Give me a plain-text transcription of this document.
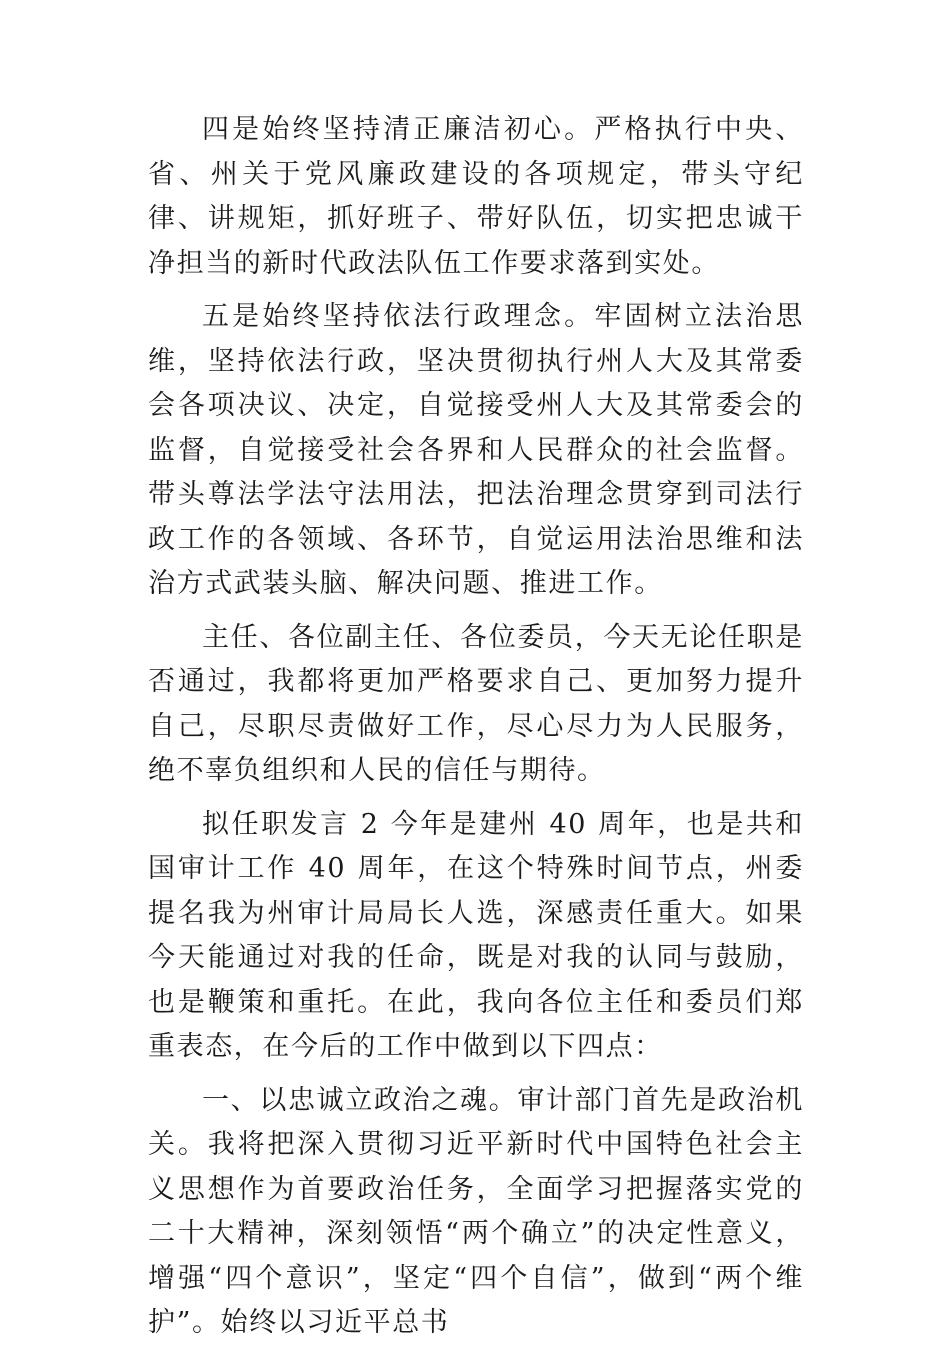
四是始终坚持清正廉洁初心。严格执行中央、省、州关于党风廉政建设的各项规定，带头守纪律、讲规矩，抓好班子、带好队伍，切实把忠诚干净担当的新时代政法队伍工作要求落到实处。

五是始终坚持依法行政理念。牢固树立法治思维，坚持依法行政，坚决贯彻执行州人大及其常委会各项决议、决定，自觉接受州人大及其常委会的监督，自觉接受社会各界和人民群众的社会监督。带头尊法学法守法用法，把法治理念贯穿到司法行政工作的各领域、各环节，自觉运用法治思维和法治方式武装头脑、解决问题、推进工作。

主任、各位副主任、各位委员，今天无论任职是否通过，我都将更加严格要求自己、更加努力提升自己，尽职尽责做好工作，尽心尽力为人民服务，绝不辜负组织和人民的信任与期待。

拟任职发言 2 今年是建州 40 周年，也是共和国审计工作 40 周年，在这个特殊时间节点，州委提名我为州审计局局长人选，深感责任重大。如果今天能通过对我的任命，既是对我的认同与鼓励，也是鞭策和重托。在此，我向各位主任和委员们郑重表态，在今后的工作中做到以下四点：

一、以忠诚立政治之魂。审计部门首先是政治机关。我将把深入贯彻习近平新时代中国特色社会主义思想作为首要政治任务，全面学习把握落实党的二十大精神，深刻领悟“两个确立”的决定性意义，增强“四个意识”，坚定“四个自信”，做到“两个维护”。始终以习近平总书
